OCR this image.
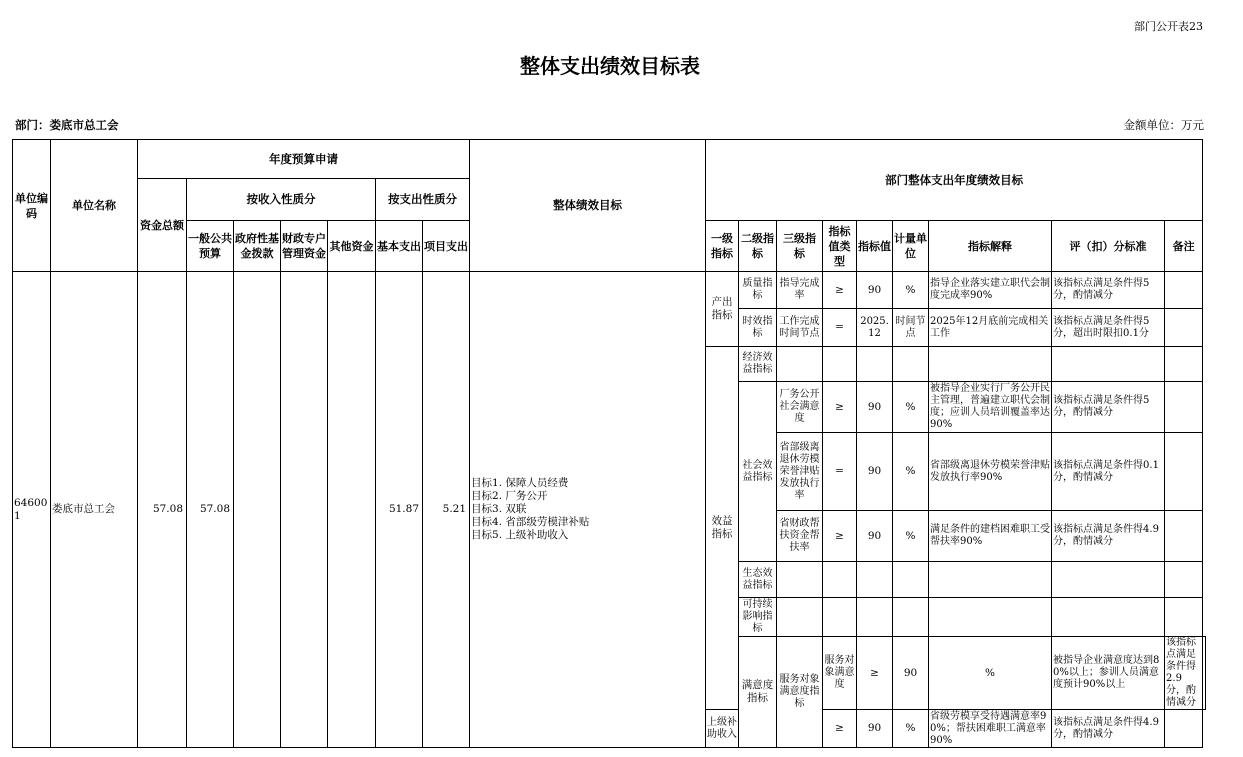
部门公开表23
整体支出绩效目标表
部门：娄底市总工会	金额单位：万元
单位编码	单位名称	年度预算申请							整体绩效目标	部门整体支出年度绩效目标									
		资金总额	按收入性质分				按支出性质分												
			一般公共预算	政府性基金拨款	财政专户管理资金	其他资金	基本支出	项目支出		一级指标	二级指标	三级指标	指标值类型	指标值	计量单位	指标解释	评（扣）分标准	备注	
646001	娄底市总工会	57.08	57.08				51.87	5.21	目标1. 保障人员经费
目标2. 厂务公开
目标3. 双联
目标4. 省部级劳模津补贴
目标5. 上级补助收入	产出指标	质量指标	指导完成率	≥	90	%	指导企业落实建立职代会制度完成率90%	该指标点满足条件得5分，酌情减分		
											时效指标	工作完成时间节点	=	2025.12	时间节点	2025年12月底前完成相关工作	该指标点满足条件得5分，超出时限扣0.1分		
										效益指标	经济效益指标								
											社会效益指标	厂务公开社会满意度	≥	90	%	被指导企业实行厂务公开民主管理，普遍建立职代会制度；应训人员培训覆盖率达90%	该指标点满足条件得5分，酌情减分		
												省部级离退休劳模荣誉津贴发放执行率	=	90	%	省部级离退休劳模荣誉津贴发放执行率90%	该指标点满足条件得0.1分，酌情减分		
												省财政帮扶资金帮扶率	≥	90	%	满足条件的建档困难职工受帮扶率90%	该指标点满足条件得4.9分，酌情减分		
											生态效益指标								
											可持续影响指标								
											满意度指标	服务对象满意度指标	服务对象满意度	≥	90	%	被指导企业满意度达到80%以上；参训人员满意度预计90%以上	该指标点满足条件得2.9分，酌情减分	
										上级补助收入			≥	90	%	省级劳模享受待遇满意率90%；帮扶困难职工满意率90%	该指标点满足条件得4.9分，酌情减分		
